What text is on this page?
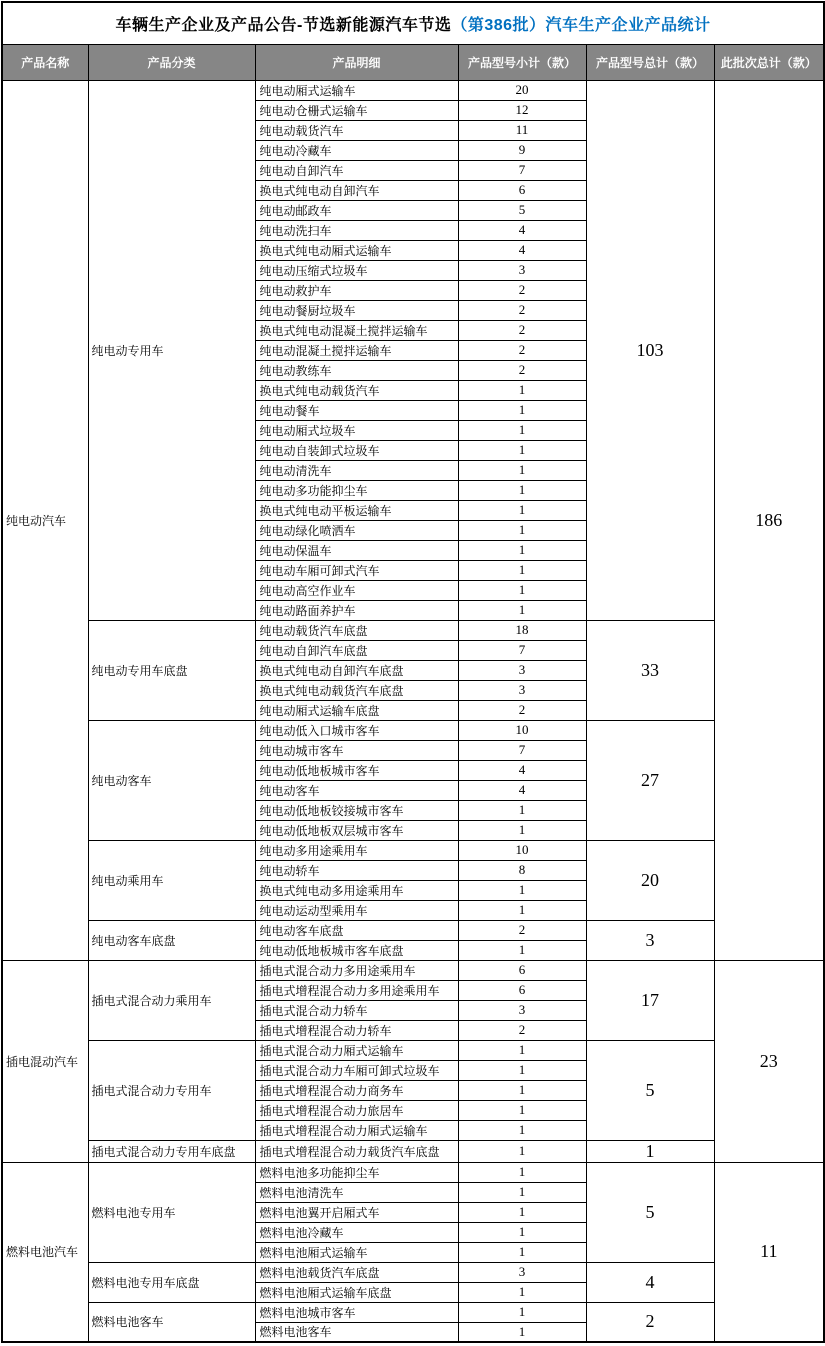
车辆生产企业及产品公告-节选新能源汽车节选（第386批）汽车生产企业产品统计					
产品名称	产品分类	产品明细	产品型号小计（款）	产品型号总计（款）	此批次总计（款）
纯电动汽车	纯电动专用车	纯电动厢式运输车	20	103	186
		纯电动仓栅式运输车	12		
		纯电动载货汽车	11		
		纯电动冷藏车	9		
		纯电动自卸汽车	7		
		换电式纯电动自卸汽车	6		
		纯电动邮政车	5		
		纯电动洗扫车	4		
		换电式纯电动厢式运输车	4		
		纯电动压缩式垃圾车	3		
		纯电动救护车	2		
		纯电动餐厨垃圾车	2		
		换电式纯电动混凝土搅拌运输车	2		
		纯电动混凝土搅拌运输车	2		
		纯电动教练车	2		
		换电式纯电动载货汽车	1		
		纯电动餐车	1		
		纯电动厢式垃圾车	1		
		纯电动自装卸式垃圾车	1		
		纯电动清洗车	1		
		纯电动多功能抑尘车	1		
		换电式纯电动平板运输车	1		
		纯电动绿化喷洒车	1		
		纯电动保温车	1		
		纯电动车厢可卸式汽车	1		
		纯电动高空作业车	1		
		纯电动路面养护车	1		
	纯电动专用车底盘	纯电动载货汽车底盘	18	33	
		纯电动自卸汽车底盘	7		
		换电式纯电动自卸汽车底盘	3		
		换电式纯电动载货汽车底盘	3		
		纯电动厢式运输车底盘	2		
	纯电动客车	纯电动低入口城市客车	10	27	
		纯电动城市客车	7		
		纯电动低地板城市客车	4		
		纯电动客车	4		
		纯电动低地板铰接城市客车	1		
		纯电动低地板双层城市客车	1		
	纯电动乘用车	纯电动多用途乘用车	10	20	
		纯电动轿车	8		
		换电式纯电动多用途乘用车	1		
		纯电动运动型乘用车	1		
	纯电动客车底盘	纯电动客车底盘	2	3	
		纯电动低地板城市客车底盘	1		
插电混动汽车	插电式混合动力乘用车	插电式混合动力多用途乘用车	6	17	23
		插电式增程混合动力多用途乘用车	6		
		插电式混合动力轿车	3		
		插电式增程混合动力轿车	2		
	插电式混合动力专用车	插电式混合动力厢式运输车	1	5	
		插电式混合动力车厢可卸式垃圾车	1		
		插电式增程混合动力商务车	1		
		插电式增程混合动力旅居车	1		
		插电式增程混合动力厢式运输车	1		
	插电式混合动力专用车底盘	插电式增程混合动力载货汽车底盘	1	1	
燃料电池汽车	燃料电池专用车	燃料电池多功能抑尘车	1	5	11
		燃料电池清洗车	1		
		燃料电池翼开启厢式车	1		
		燃料电池冷藏车	1		
		燃料电池厢式运输车	1		
	燃料电池专用车底盘	燃料电池载货汽车底盘	3	4	
		燃料电池厢式运输车底盘	1		
	燃料电池客车	燃料电池城市客车	1	2	
		燃料电池客车	1		
